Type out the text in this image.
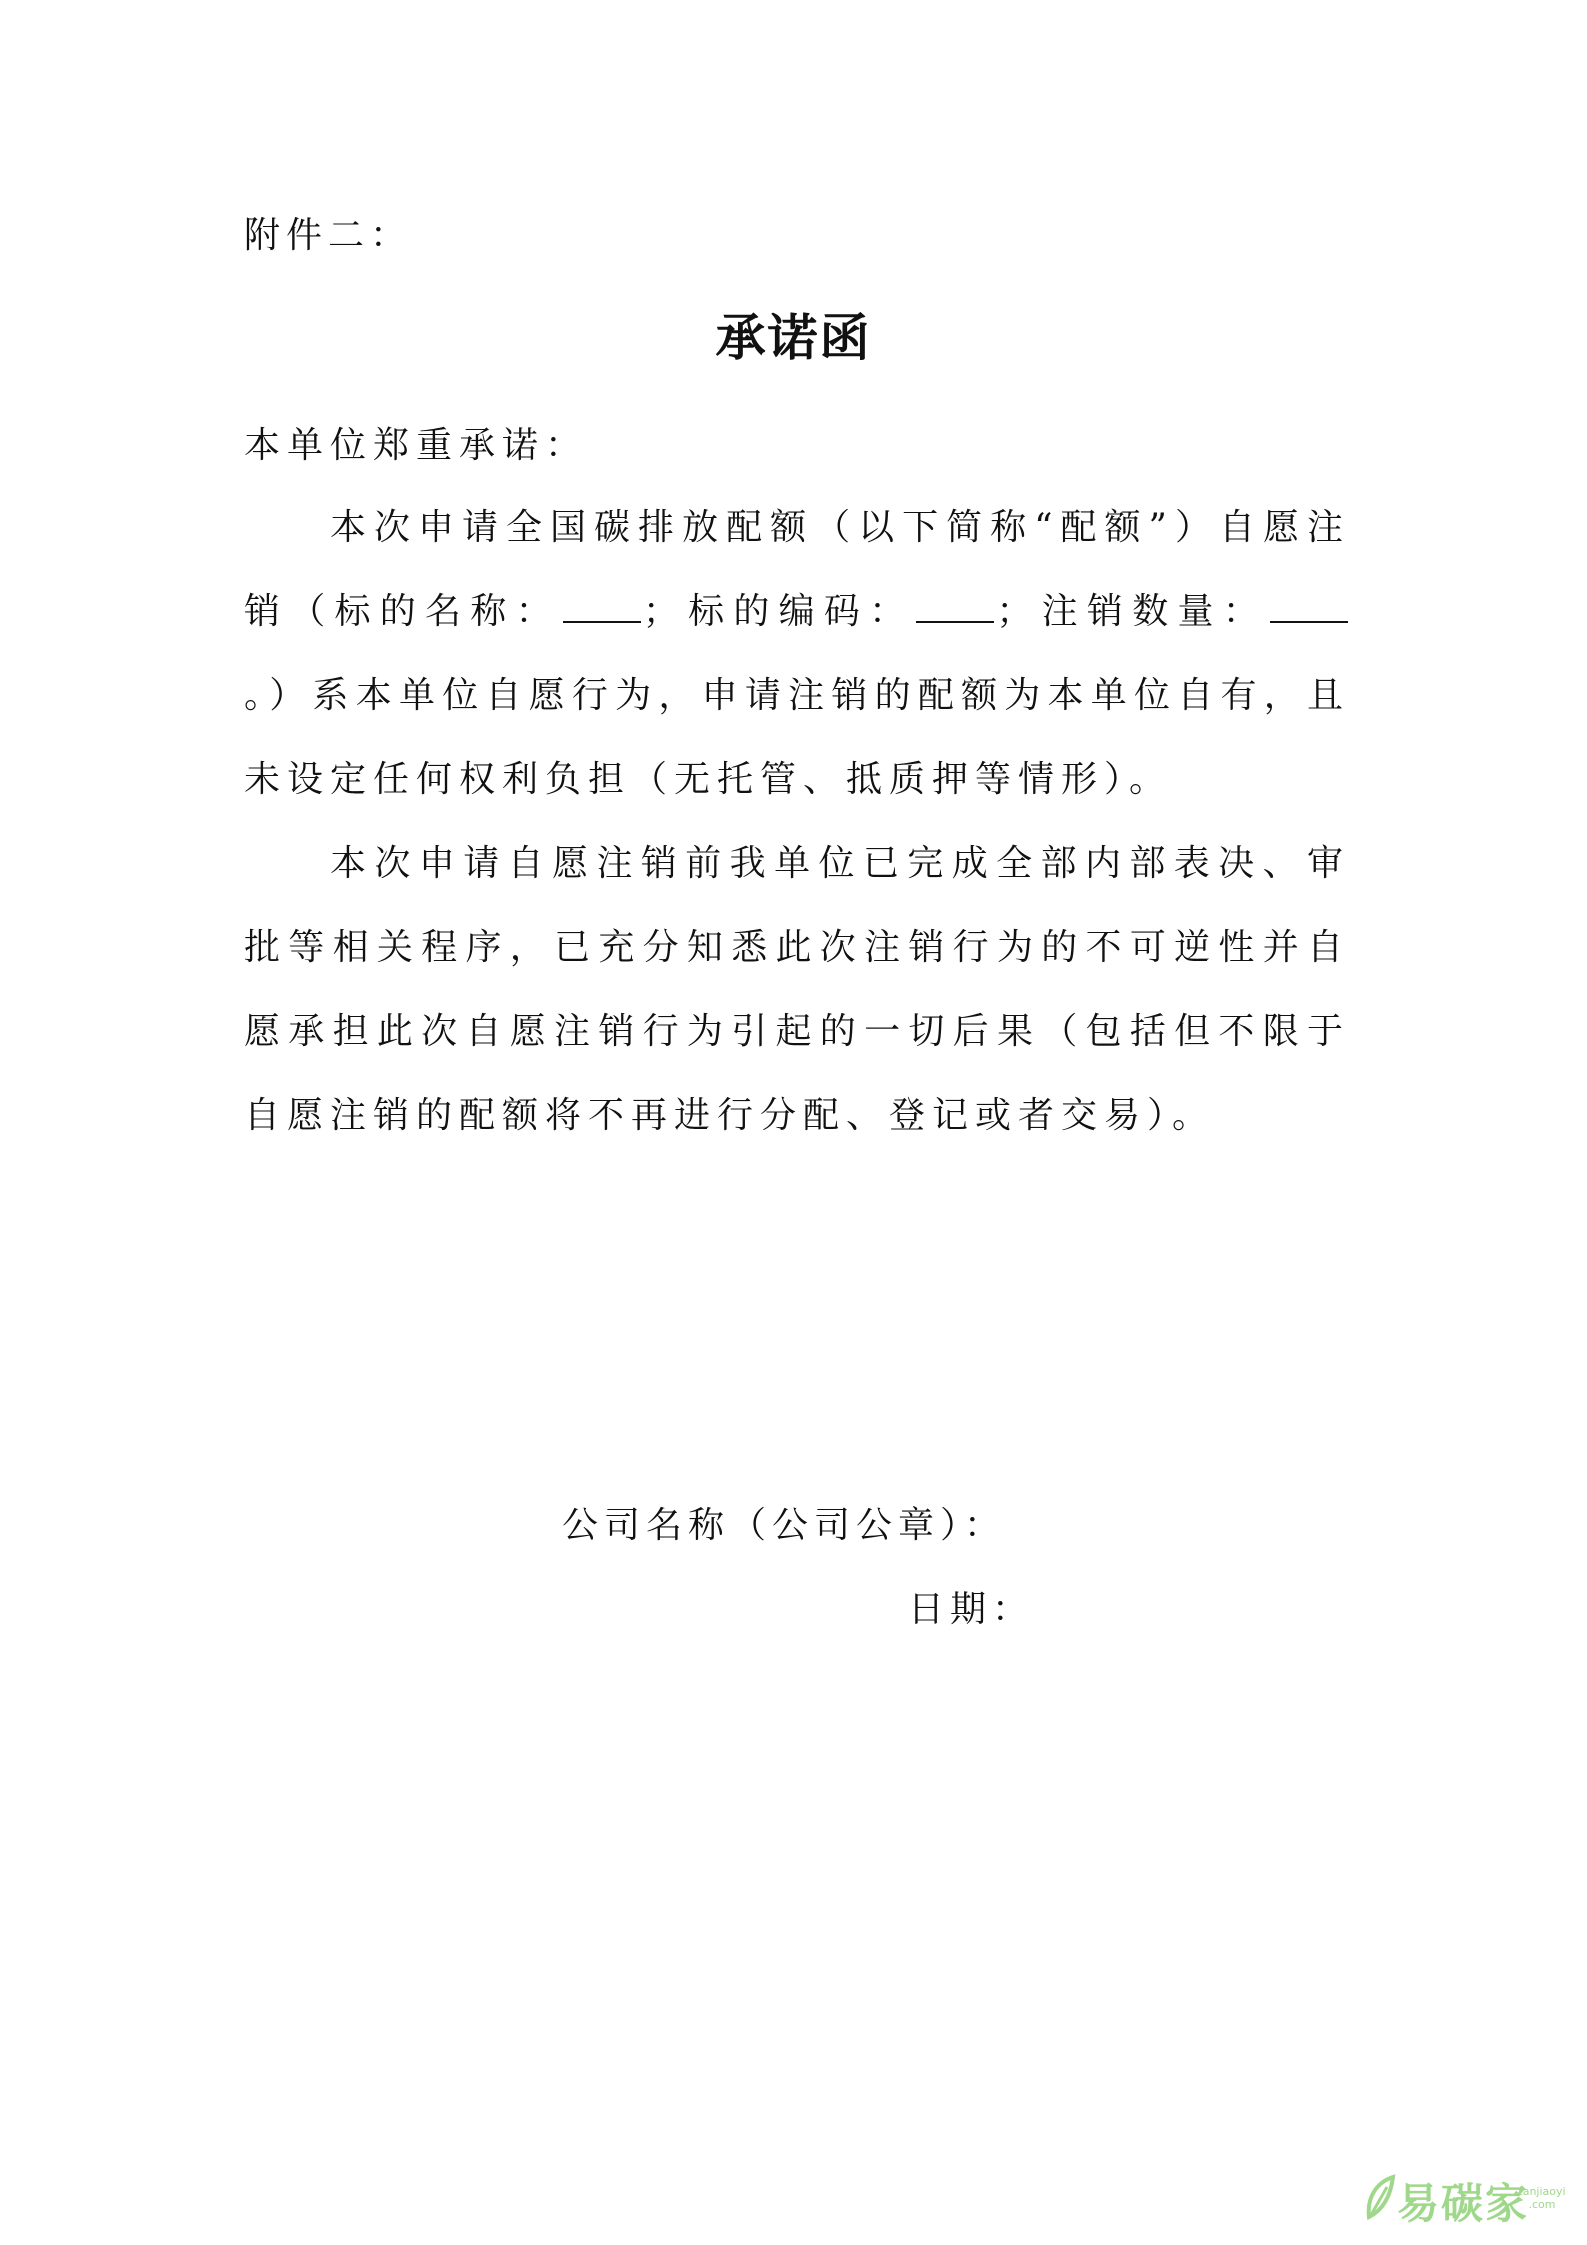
附件二：
承诺函
本单位郑重承诺：
本次申请全国碳排放配额（以下简称“配额”）自愿注销（标的名称： ；标的编码： ；注销数量：。）系本单位自愿行为，申请注销的配额为本单位自有，且未设定任何权利负担（无托管、抵质押等情形）。
本次申请自愿注销前我单位已完成全部内部表决、审批等相关程序，已充分知悉此次注销行为的不可逆性并自愿承担此次自愿注销行为引起的一切后果（包括但不限于自愿注销的配额将不再进行分配、登记或者交易）。
公司名称（公司公章）：
日期：
易碳家
tanjiaoyi
.com
